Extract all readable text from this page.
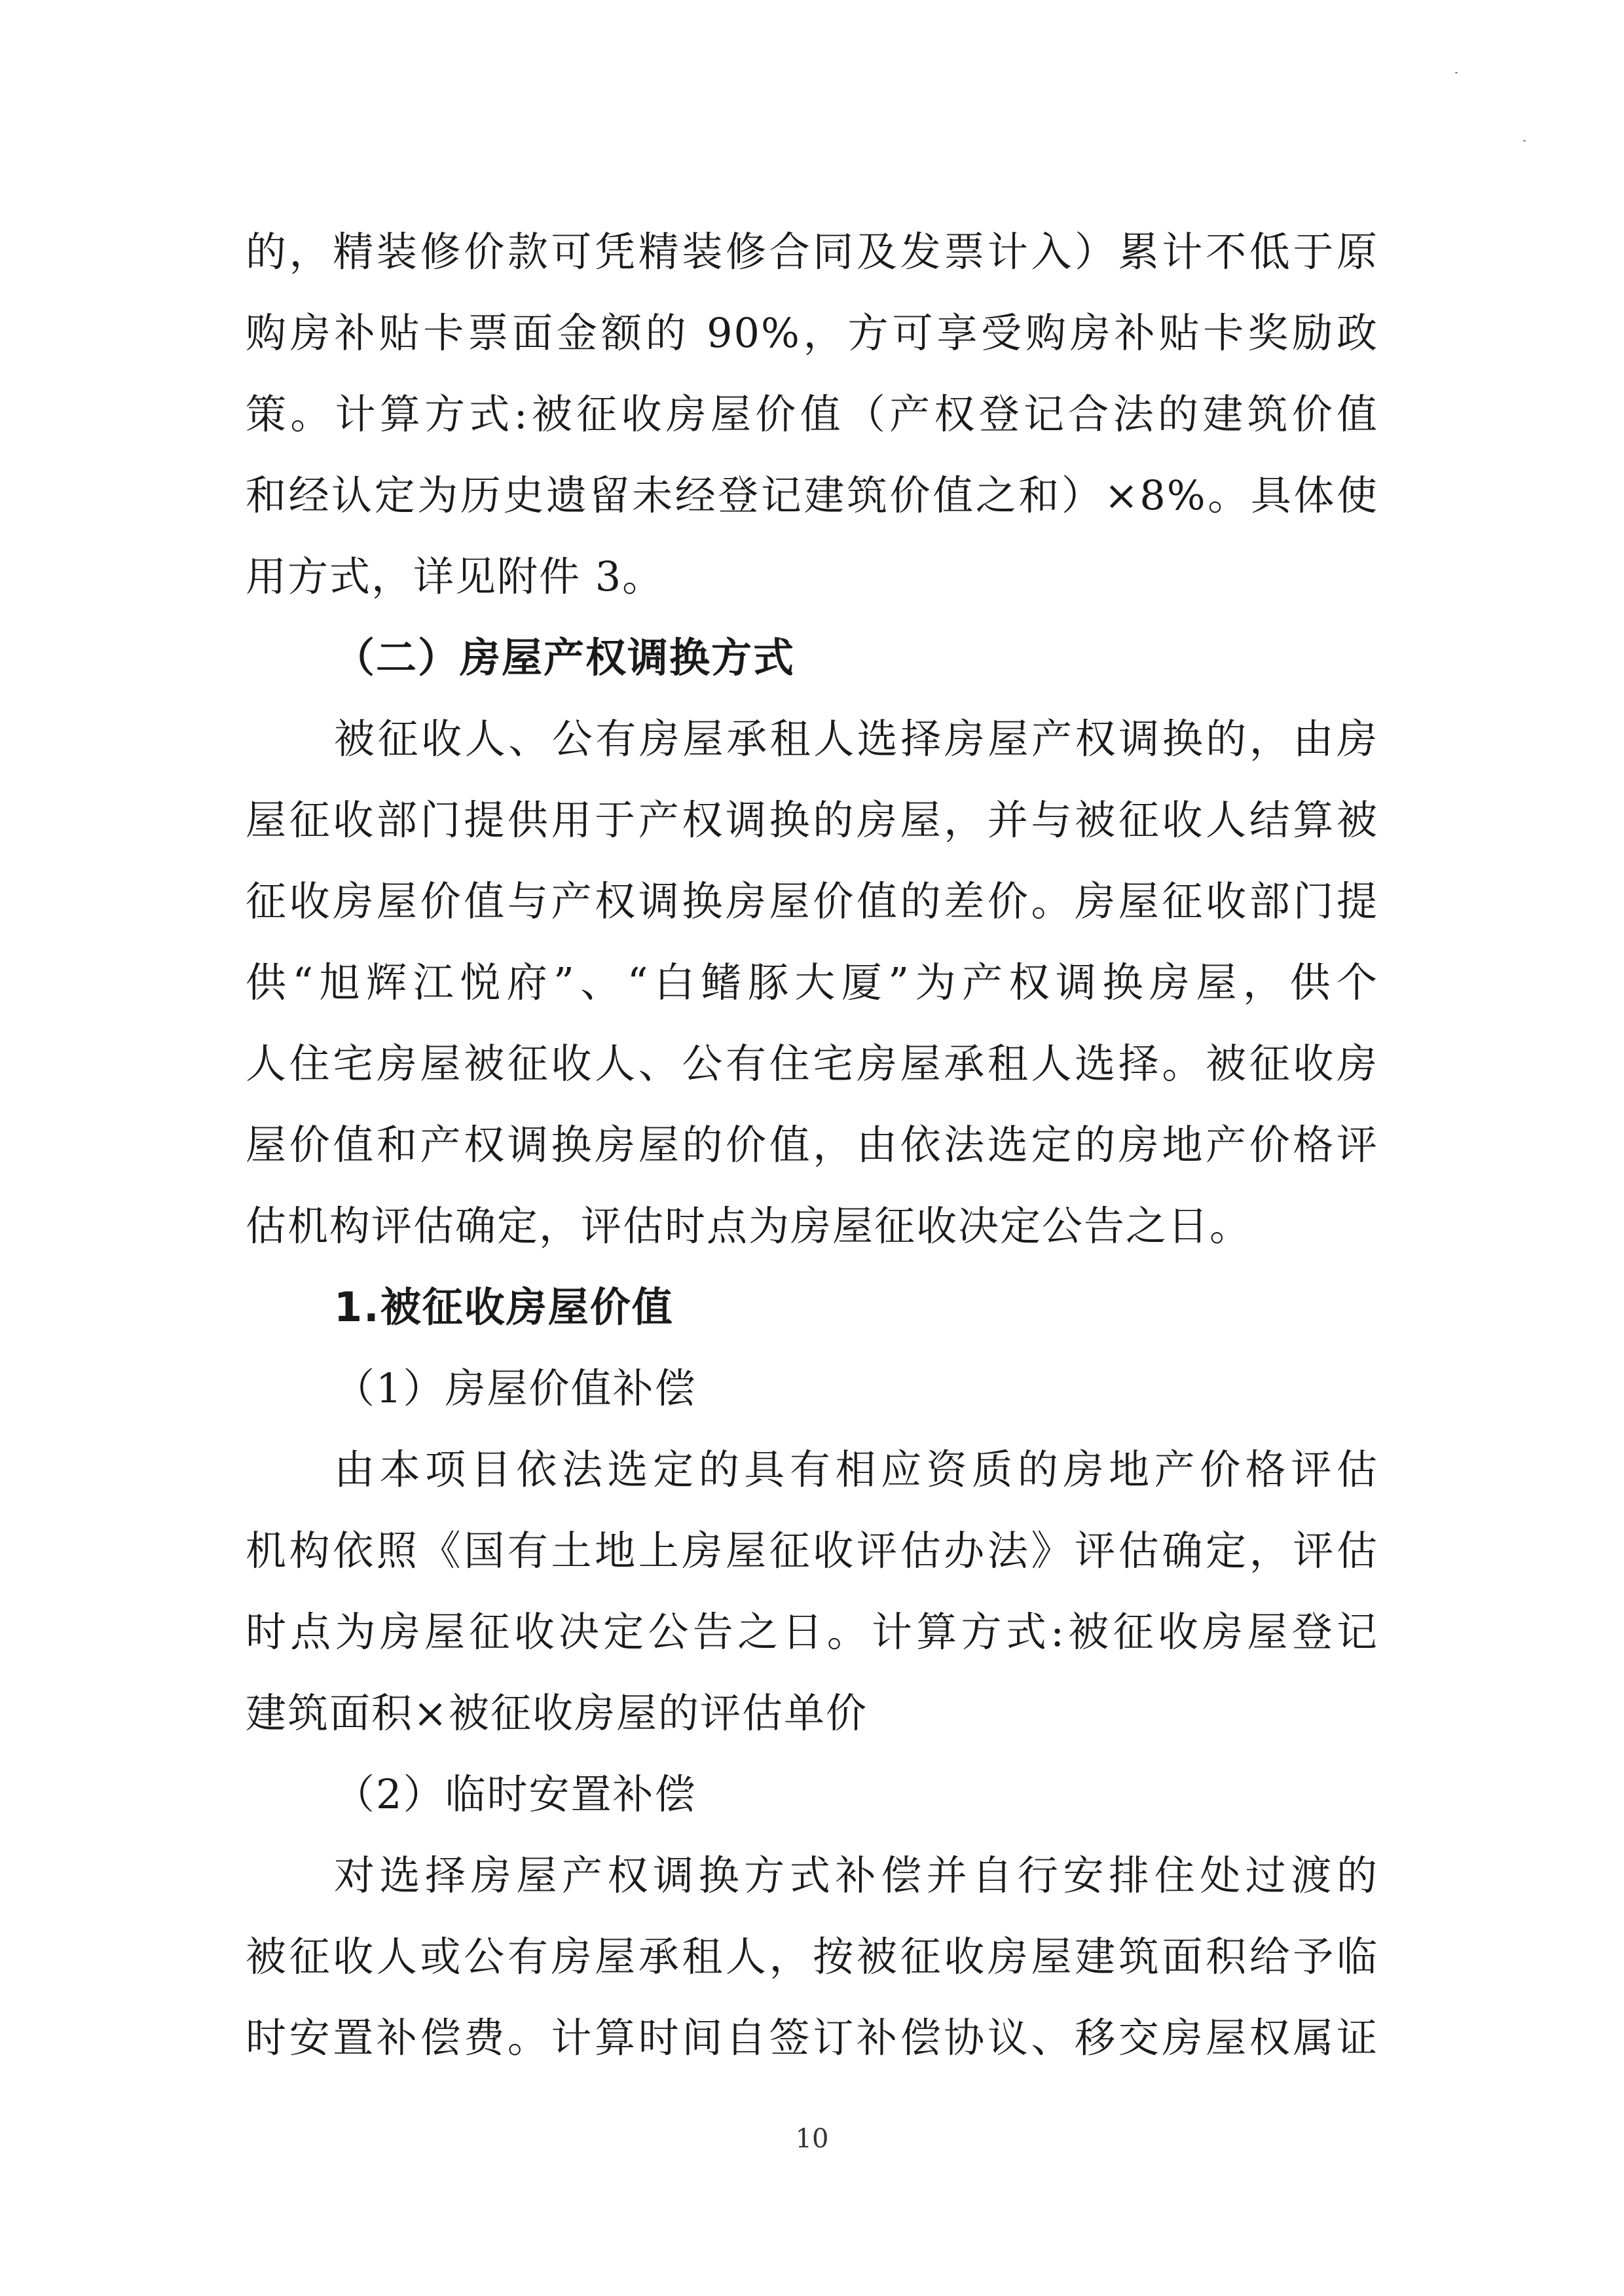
的，精装修价款可凭精装修合同及发票计入）累计不低于原
购房补贴卡票面金额的 90%，方可享受购房补贴卡奖励政
策。计算方式:被征收房屋价值（产权登记合法的建筑价值
和经认定为历史遗留未经登记建筑价值之和）×8%。具体使
用方式，详见附件 3。
（二）房屋产权调换方式
被征收人、公有房屋承租人选择房屋产权调换的，由房
屋征收部门提供用于产权调换的房屋，并与被征收人结算被
征收房屋价值与产权调换房屋价值的差价。房屋征收部门提
供“旭辉江悦府”、“白鳍豚大厦”为产权调换房屋，供个
人住宅房屋被征收人、公有住宅房屋承租人选择。被征收房
屋价值和产权调换房屋的价值，由依法选定的房地产价格评
估机构评估确定，评估时点为房屋征收决定公告之日。
1.被征收房屋价值
（1）房屋价值补偿
由本项目依法选定的具有相应资质的房地产价格评估
机构依照《国有土地上房屋征收评估办法》评估确定，评估
时点为房屋征收决定公告之日。计算方式:被征收房屋登记
建筑面积×被征收房屋的评估单价
（2）临时安置补偿
对选择房屋产权调换方式补偿并自行安排住处过渡的
被征收人或公有房屋承租人，按被征收房屋建筑面积给予临
时安置补偿费。计算时间自签订补偿协议、移交房屋权属证
10
